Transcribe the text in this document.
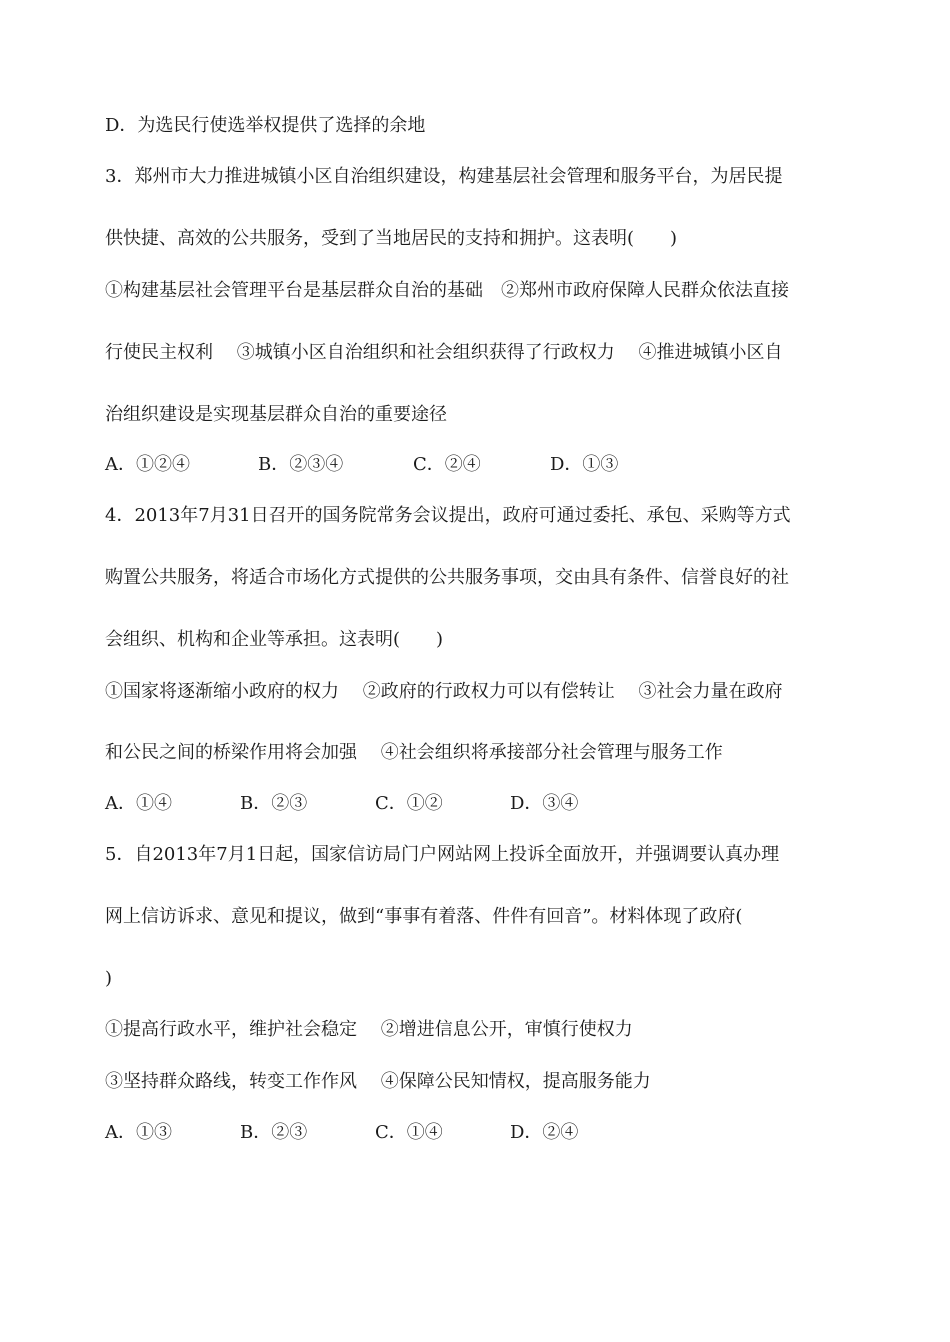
D．为选民行使选举权提供了选择的余地
3．郑州市大力推进城镇小区自治组织建设，构建基层社会管理和服务平台，为居民提
供快捷、高效的公共服务，受到了当地居民的支持和拥护。这表明(　　)
①构建基层社会管理平台是基层群众自治的基础　②郑州市政府保障人民群众依法直接
行使民主权利　 ③城镇小区自治组织和社会组织获得了行政权力　 ④推进城镇小区自
治组织建设是实现基层群众自治的重要途径
A．①②④	B．②③④	C．②④	D．①③
4．2013年7月31日召开的国务院常务会议提出，政府可通过委托、承包、采购等方式
购置公共服务，将适合市场化方式提供的公共服务事项，交由具有条件、信誉良好的社
会组织、机构和企业等承担。这表明(　　)
①国家将逐渐缩小政府的权力　 ②政府的行政权力可以有偿转让　 ③社会力量在政府
和公民之间的桥梁作用将会加强　 ④社会组织将承接部分社会管理与服务工作
A．①④	B．②③	C．①②	D．③④
5．自2013年7月1日起，国家信访局门户网站网上投诉全面放开，并强调要认真办理
网上信访诉求、意见和提议，做到“事事有着落、件件有回音”。材料体现了政府(
)
①提高行政水平，维护社会稳定　 ②增进信息公开，审慎行使权力
③坚持群众路线，转变工作作风　 ④保障公民知情权，提高服务能力
A．①③	B．②③	C．①④	D．②④
